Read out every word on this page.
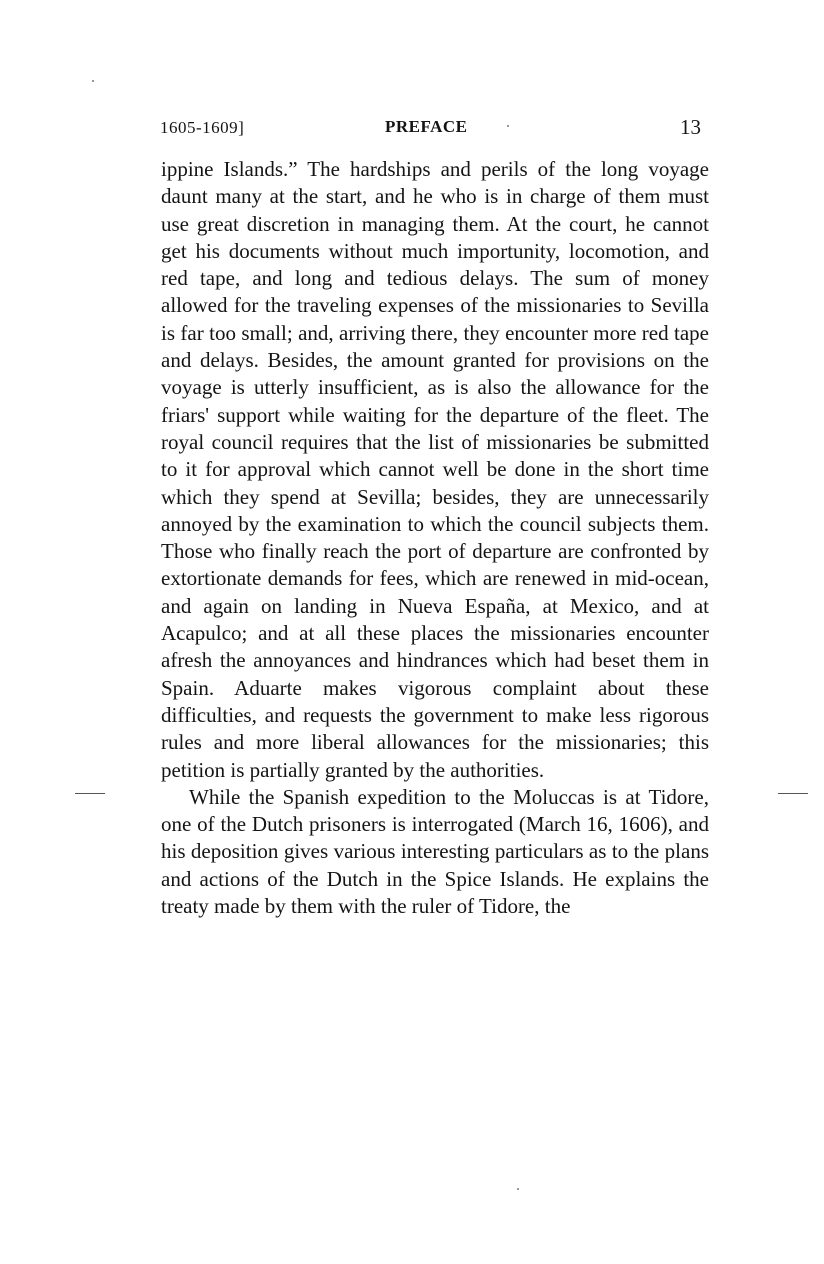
1605-1609]	PREFACE	13

ippine Islands.” The hardships and perils of the long voyage daunt many at the start, and he who is in charge of them must use great discretion in managing them. At the court, he cannot get his documents without much importunity, locomotion, and red tape, and long and tedious delays. The sum of money allowed for the traveling expenses of the missionaries to Sevilla is far too small; and, arriving there, they encounter more red tape and delays. Besides, the amount granted for provisions on the voyage is utterly insufficient, as is also the allowance for the friars' support while waiting for the departure of the fleet. The royal council requires that the list of missionaries be submitted to it for approval which cannot well be done in the short time which they spend at Sevilla; besides, they are unnecessarily annoyed by the examination to which the council subjects them. Those who finally reach the port of departure are confronted by extortionate demands for fees, which are renewed in mid-ocean, and again on landing in Nueva España, at Mexico, and at Acapulco; and at all these places the missionaries encounter afresh the annoyances and hindrances which had beset them in Spain. Aduarte makes vigorous complaint about these difficulties, and requests the government to make less rigorous rules and more liberal allowances for the missionaries; this petition is partially granted by the authorities.

While the Spanish expedition to the Moluccas is at Tidore, one of the Dutch prisoners is interrogated (March 16, 1606), and his deposition gives various interesting particulars as to the plans and actions of the Dutch in the Spice Islands. He explains the treaty made by them with the ruler of Tidore, the
